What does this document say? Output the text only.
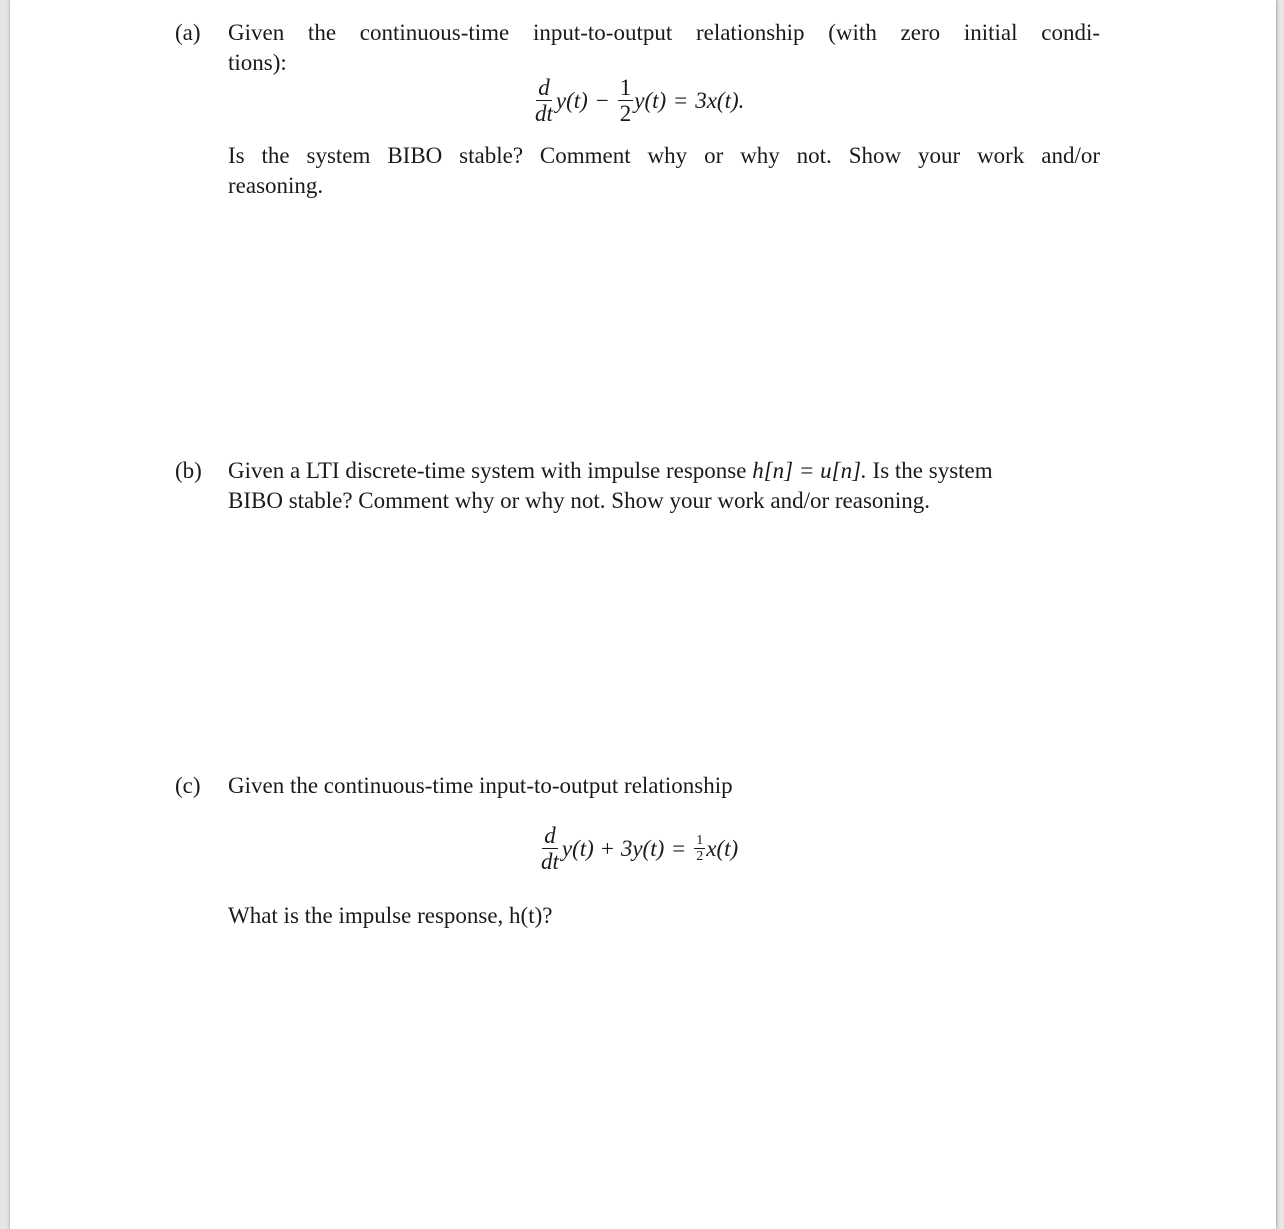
(a) Given the continuous-time input-to-output relationship (with zero initial condi-
tions):
$\frac{d}{dt} y(t) - \frac{1}{2} y(t) = 3x(t)$.
Is the system BIBO stable? Comment why or why not. Show your work and/or
reasoning.
(b) Given a LTI discrete-time system with impulse response h[n] = u[n]. Is the system
BIBO stable? Comment why or why not. Show your work and/or reasoning.
(c) Given the continuous-time input-to-output relationship
$\frac{d}{dt} y(t) + 3y(t) = \frac{1}{2} x(t)$
What is the impulse response, h(t)?
